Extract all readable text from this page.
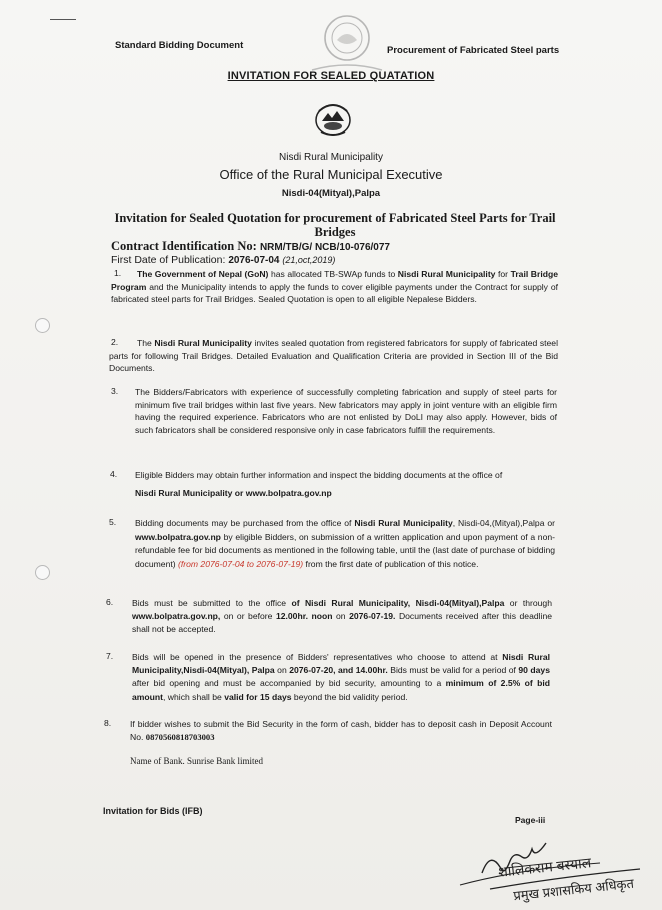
Standard Bidding Document	Procurement of Fabricated Steel parts
INVITATION FOR SEALED QUATATION
Nisdi Rural Municipality
Office of the Rural Municipal Executive
Nisdi-04(Mityal),Palpa
Invitation for Sealed Quotation for procurement of Fabricated Steel Parts for Trail Bridges
Contract Identification No: NRM/TB/G/ NCB/10-076/077
First Date of Publication: 2076-07-04 (21,oct,2019)
1.	The Government of Nepal (GoN) has allocated TB-SWAp funds to Nisdi Rural Municipality for Trail Bridge Program and the Municipality intends to apply the funds to cover eligible payments under the Contract for supply of fabricated steel parts for Trail Bridges. Sealed Quotation is open to all eligible Nepalese Bidders.
2.	The Nisdi Rural Municipality invites sealed quotation from registered fabricators for supply of fabricated steel parts for following Trail Bridges. Detailed Evaluation and Qualification Criteria are provided in Section III of the Bid Documents.
3. The Bidders/Fabricators with experience of successfully completing fabrication and supply of steel parts for minimum five trail bridges within last five years. New fabricators may apply in joint venture with an eligible firm having the required experience. Fabricators who are not enlisted by DoLI may also apply. However, bids of such fabricators shall be considered responsive only in case fabricators fulfill the requirements.
4. Eligible Bidders may obtain further information and inspect the bidding documents at the office of
Nisdi Rural Municipality or www.bolpatra.gov.np
5. Bidding documents may be purchased from the office of Nisdi Rural Municipality, Nisdi-04,(Mityal),Palpa or www.bolpatra.gov.np by eligible Bidders, on submission of a written application and upon payment of a non-refundable fee for bid documents as mentioned in the following table, until the (last date of purchase of bidding document) (from 2076-07-04 to 2076-07-19) from the first date of publication of this notice.
6. Bids must be submitted to the office of Nisdi Rural Municipality, Nisdi-04(Mityal),Palpa or through www.bolpatra.gov.np, on or before 12.00hr. noon on 2076-07-19. Documents received after this deadline shall not be accepted.
7. Bids will be opened in the presence of Bidders' representatives who choose to attend at Nisdi Rural Municipality,Nisdi-04(Mityal), Palpa on 2076-07-20, and 14.00hr. Bids must be valid for a period of 90 days after bid opening and must be accompanied by bid security, amounting to a minimum of 2.5% of bid amount, which shall be valid for 15 days beyond the bid validity period.
8. If bidder wishes to submit the Bid Security in the form of cash, bidder has to deposit cash in Deposit Account No. 0870560818703003
Name of Bank. Sunrise Bank limited
Invitation for Bids (IFB)
Page-iii
शालिकराम बस्याल
प्रमुख प्रशासकिय अधिकृत
